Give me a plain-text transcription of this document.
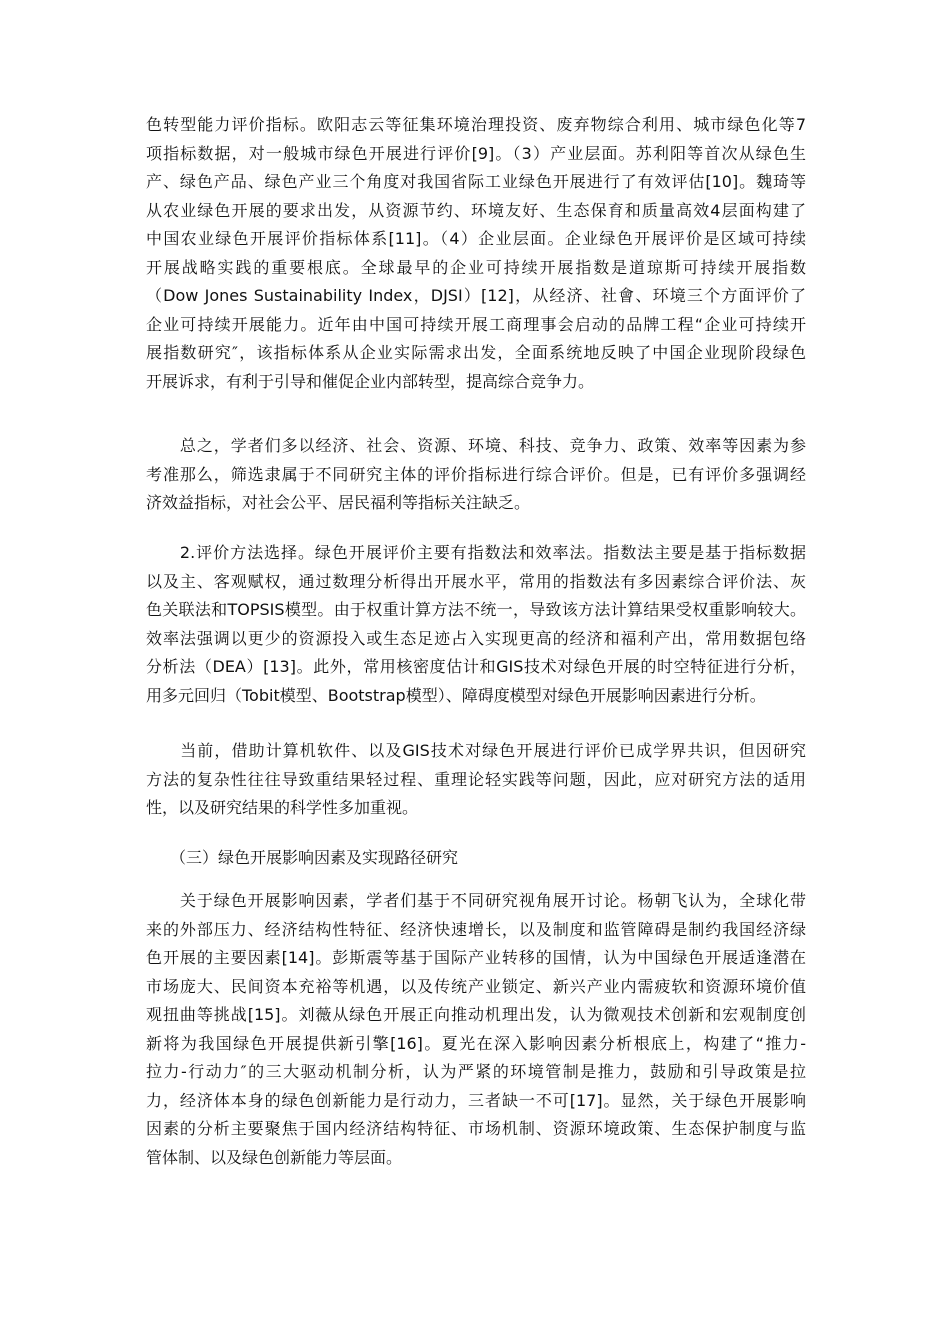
色转型能力评价指标。欧阳志云等征集环境治理投资、废弃物综合利用、城市绿色化等7
项指标数据，对一般城市绿色开展进行评价[9]。（3）产业层面。苏利阳等首次从绿色生
产、绿色产品、绿色产业三个角度对我国省际工业绿色开展进行了有效评估[10]。魏琦等
从农业绿色开展的要求出发，从资源节约、环境友好、生态保育和质量高效4层面构建了
中国农业绿色开展评价指标体系[11]。（4）企业层面。企业绿色开展评价是区域可持续
开展战略实践的重要根底。全球最早的企业可持续开展指数是道琼斯可持续开展指数
（Dow Jones Sustainability Index，DJSI）[12]，从经济、社會、环境三个方面评价了
企业可持续开展能力。近年由中国可持续开展工商理事会启动的品牌工程“企业可持续开
展指数研究″，该指标体系从企业实际需求出发，全面系统地反映了中国企业现阶段绿色
开展诉求，有利于引导和催促企业内部转型，提高综合竞争力。
　　总之，学者们多以经济、社会、资源、环境、科技、竞争力、政策、效率等因素为参
考准那么，筛选隶属于不同研究主体的评价指标进行综合评价。但是，已有评价多强调经
济效益指标，对社会公平、居民福利等指标关注缺乏。
　　2.评价方法选择。绿色开展评价主要有指数法和效率法。指数法主要是基于指标数据
以及主、客观赋权，通过数理分析得出开展水平，常用的指数法有多因素综合评价法、灰
色关联法和TOPSIS模型。由于权重计算方法不统一，导致该方法计算结果受权重影响较大。
效率法强调以更少的资源投入或生态足迹占入实现更高的经济和福利产出，常用数据包络
分析法（DEA）[13]。此外，常用核密度估计和GIS技术对绿色开展的时空特征进行分析，
用多元回归（Tobit模型、Bootstrap模型）、障碍度模型对绿色开展影响因素进行分析。
　　当前，借助计算机软件、以及GIS技术对绿色开展进行评价已成学界共识，但因研究
方法的复杂性往往导致重结果轻过程、重理论轻实践等问题，因此，应对研究方法的适用
性，以及研究结果的科学性多加重视。
　　（三）绿色开展影响因素及实现路径研究
　　关于绿色开展影响因素，学者们基于不同研究视角展开讨论。杨朝飞认为，全球化带
来的外部压力、经济结构性特征、经济快速增长，以及制度和监管障碍是制约我国经济绿
色开展的主要因素[14]。彭斯震等基于国际产业转移的国情，认为中国绿色开展适逢潜在
市场庞大、民间资本充裕等机遇，以及传统产业锁定、新兴产业内需疲软和资源环境价值
观扭曲等挑战[15]。刘薇从绿色开展正向推动机理出发，认为微观技术创新和宏观制度创
新将为我国绿色开展提供新引擎[16]。夏光在深入影响因素分析根底上，构建了“推力-
拉力-行动力″的三大驱动机制分析，认为严紧的环境管制是推力，鼓励和引导政策是拉
力，经济体本身的绿色创新能力是行动力，三者缺一不可[17]。显然，关于绿色开展影响
因素的分析主要聚焦于国内经济结构特征、市场机制、资源环境政策、生态保护制度与监
管体制、以及绿色创新能力等层面。
